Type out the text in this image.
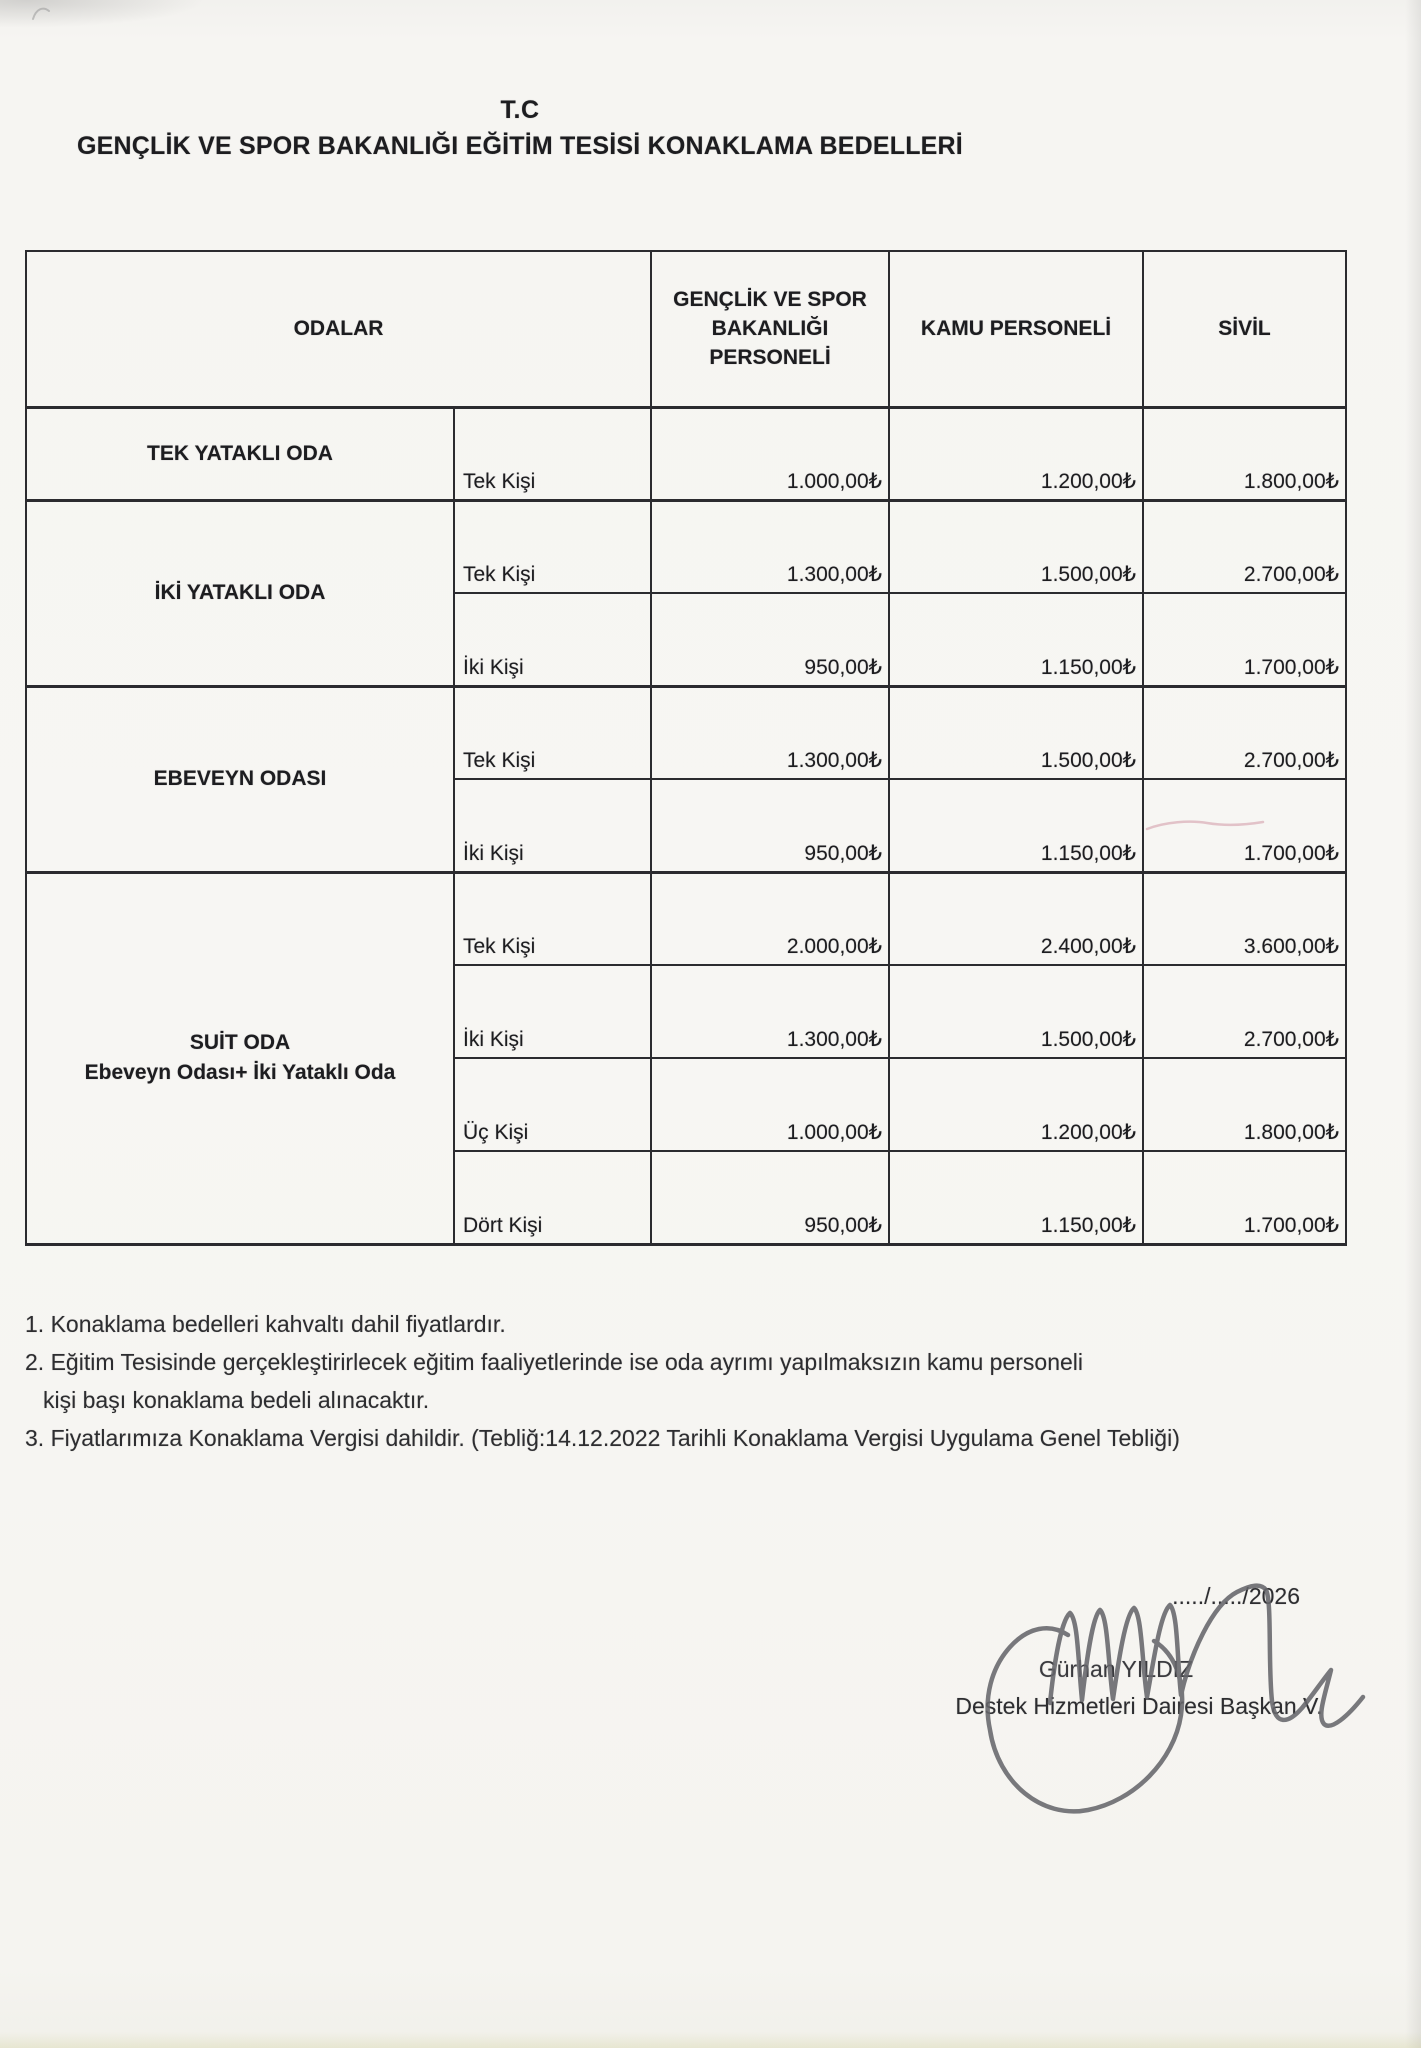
T.C
GENÇLİK VE SPOR BAKANLIĞI EĞİTİM TESİSİ KONAKLAMA BEDELLERİ
ODALAR		GENÇLİK VE SPOR BAKANLIĞI PERSONELİ	KAMU PERSONELİ	SİVİL

TEK YATAKLI ODA	Tek Kişi	1.000,00₺	1.200,00₺	1.800,00₺

İKİ YATAKLI ODA	Tek Kişi	1.300,00₺	1.500,00₺	2.700,00₺
	İki Kişi	950,00₺	1.150,00₺	1.700,00₺

EBEVEYN ODASI	Tek Kişi	1.300,00₺	1.500,00₺	2.700,00₺
	İki Kişi	950,00₺	1.150,00₺	1.700,00₺

SUİT ODA
Ebeveyn Odası+ İki Yataklı Oda	Tek Kişi	2.000,00₺	2.400,00₺	3.600,00₺
	İki Kişi	1.300,00₺	1.500,00₺	2.700,00₺
	Üç Kişi	1.000,00₺	1.200,00₺	1.800,00₺
	Dört Kişi	950,00₺	1.150,00₺	1.700,00₺
1. Konaklama bedelleri kahvaltı dahil fiyatlardır.
2. Eğitim Tesisinde gerçekleştirirlecek eğitim faaliyetlerinde ise oda ayrımı yapılmaksızın kamu personeli
kişi başı konaklama bedeli alınacaktır.
3. Fiyatlarımıza Konaklama Vergisi dahildir. (Tebliğ:14.12.2022 Tarihli Konaklama Vergisi Uygulama Genel Tebliği)
...../...../2026
Gürhan YILDIZ
Destek Hizmetleri Dairesi Başkan V.
